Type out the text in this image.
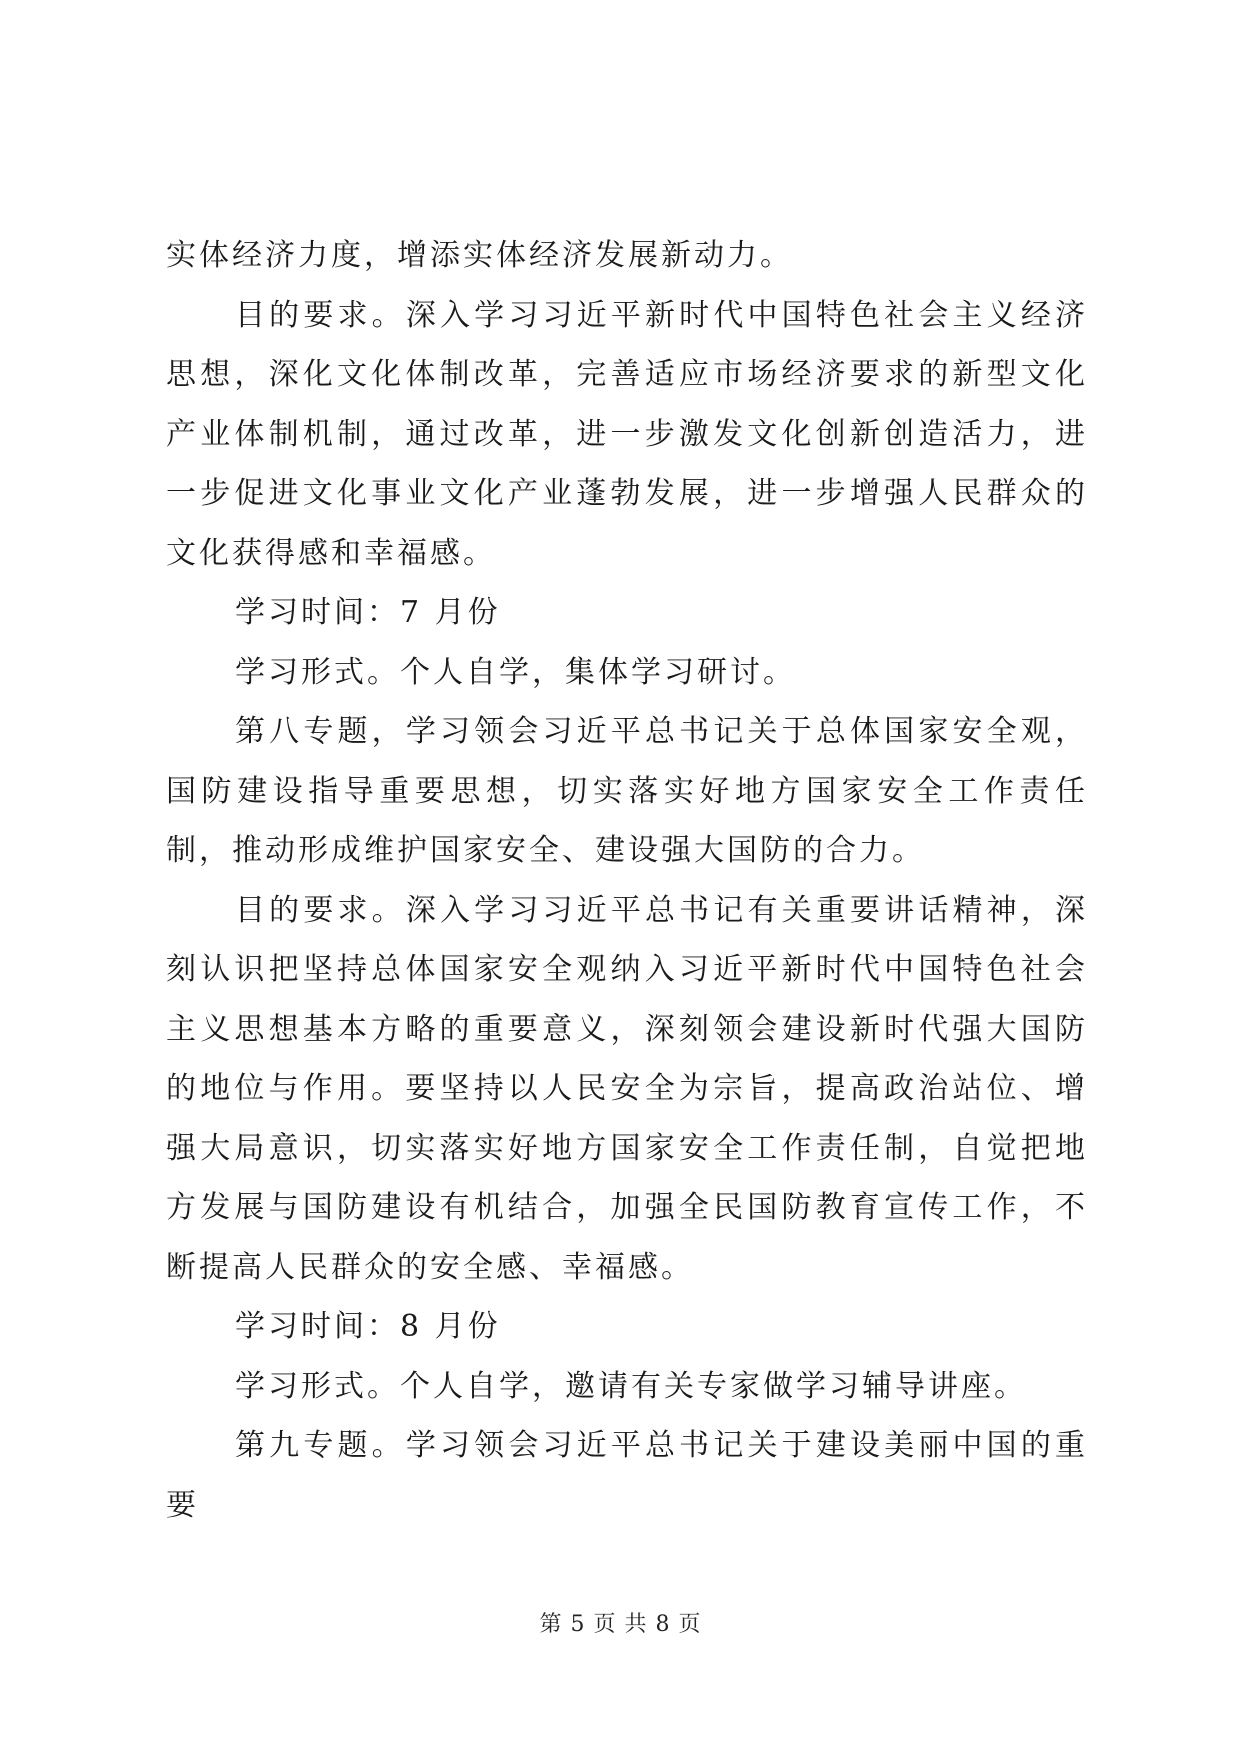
实体经济力度，增添实体经济发展新动力。

目的要求。深入学习习近平新时代中国特色社会主义经济思想，深化文化体制改革，完善适应市场经济要求的新型文化产业体制机制，通过改革，进一步激发文化创新创造活力，进一步促进文化事业文化产业蓬勃发展，进一步增强人民群众的文化获得感和幸福感。

学习时间：7 月份

学习形式。个人自学，集体学习研讨。

第八专题，学习领会习近平总书记关于总体国家安全观，国防建设指导重要思想，切实落实好地方国家安全工作责任制，推动形成维护国家安全、建设强大国防的合力。

目的要求。深入学习习近平总书记有关重要讲话精神，深刻认识把坚持总体国家安全观纳入习近平新时代中国特色社会主义思想基本方略的重要意义，深刻领会建设新时代强大国防的地位与作用。要坚持以人民安全为宗旨，提高政治站位、增强大局意识，切实落实好地方国家安全工作责任制，自觉把地方发展与国防建设有机结合，加强全民国防教育宣传工作，不断提高人民群众的安全感、幸福感。

学习时间：8 月份

学习形式。个人自学，邀请有关专家做学习辅导讲座。

第九专题。学习领会习近平总书记关于建设美丽中国的重要

第 5 页 共 8 页
